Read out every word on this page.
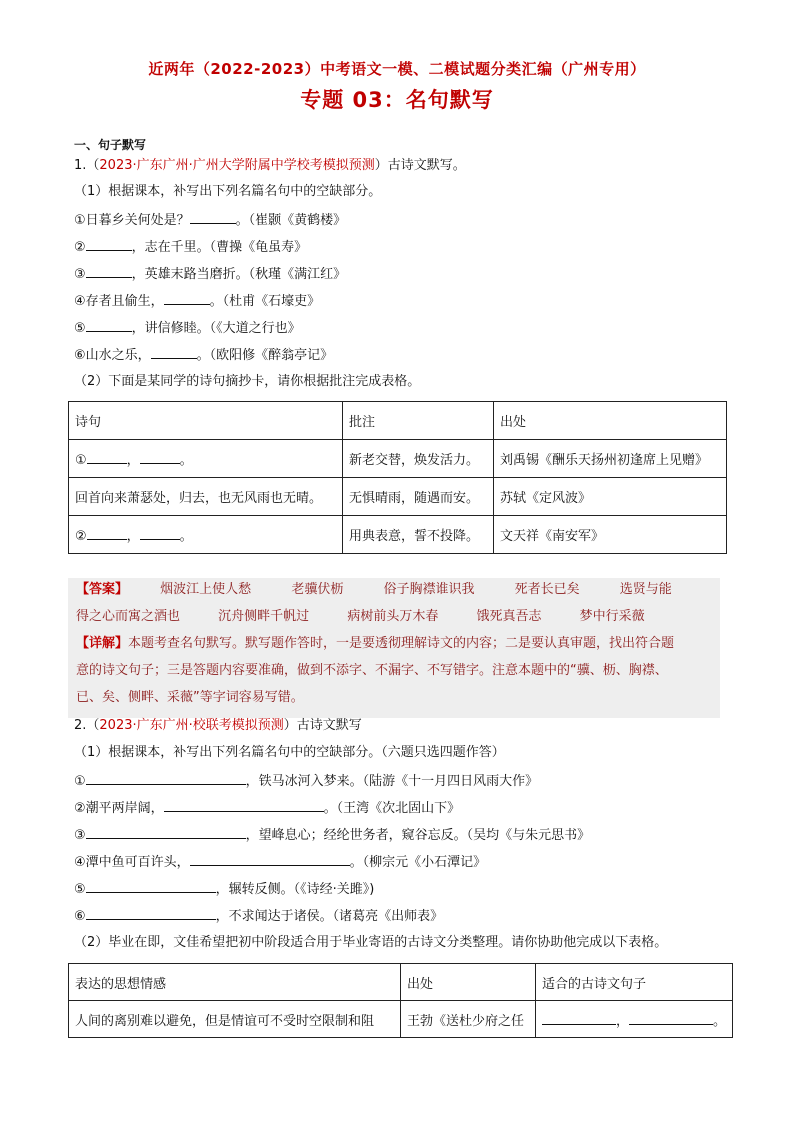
近两年（2022-2023）中考语文一模、二模试题分类汇编（广州专用）
专题 03：名句默写
一、句子默写
1.（2023·广东广州·广州大学附属中学校考模拟预测）古诗文默写。
（1）根据课本，补写出下列名篇名句中的空缺部分。
①日暮乡关何处是？	。（崔颢《黄鹤楼》
②	，志在千里。（曹操《龟虽寿》
③	，英雄末路当磨折。（秋瑾《满江红》
④存者且偷生，	。（杜甫《石壕吏》
⑤	，讲信修睦。（《大道之行也》
⑥山水之乐，	。（欧阳修《醉翁亭记》
（2）下面是某同学的诗句摘抄卡，请你根据批注完成表格。
诗句	批注	出处
① ， 。	新老交替，焕发活力。	刘禹锡《酬乐天扬州初逢席上见赠》
回首向来萧瑟处，归去，也无风雨也无晴。	无惧晴雨，随遇而安。	苏轼《定风波》
② ， 。	用典表意，誓不投降。	文天祥《南安军》
【答案】 烟波江上使人愁	老骥伏枥	俗子胸襟谁识我	死者长已矣	选贤与能
得之心而寓之酒也	沉舟侧畔千帆过	病树前头万木春	饿死真吾志	梦中行采薇
【详解】本题考查名句默写。默写题作答时，一是要透彻理解诗文的内容；二是要认真审题，找出符合题
意的诗文句子；三是答题内容要准确，做到不添字、不漏字、不写错字。注意本题中的“骥、枥、胸襟、
已、矣、侧畔、采薇”等字词容易写错。
2.（2023·广东广州·校联考模拟预测）古诗文默写
（1）根据课本，补写出下列名篇名句中的空缺部分。（六题只选四题作答）
①	，铁马冰河入梦来。（陆游《十一月四日风雨大作》
②潮平两岸阔，	。（王湾《次北固山下》
③	，望峰息心；经纶世务者，窥谷忘反。（吴均《与朱元思书》
④潭中鱼可百许头，	。（柳宗元《小石潭记》
⑤	，辗转反侧。（《诗经·关雎》)
⑥	，不求闻达于诸侯。（诸葛亮《出师表》
（2）毕业在即，文佳希望把初中阶段适合用于毕业寄语的古诗文分类整理。请你协助他完成以下表格。
表达的思想情感	出处	适合的古诗文句子
人间的离别难以避免，但是情谊可不受时空限制和阻	王勃《送杜少府之任	， 。
